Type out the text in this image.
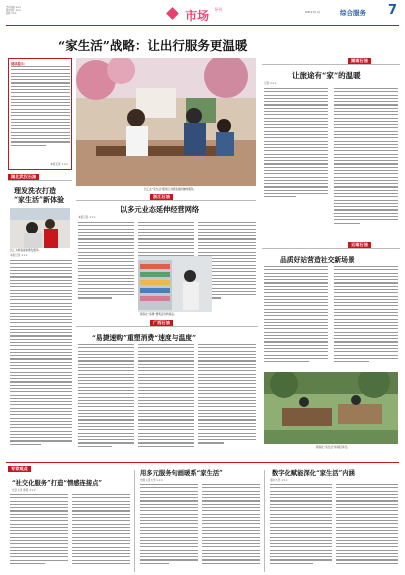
责任编辑 ×××
版式设计 ×××
校对 ×××	$^{市场}$ $^{导刊}$
2023年7月×日	综合服务 7
“家生活”战略：让出行服务更温暖
阅读提示：
本报记者 ×××
员工在“家生活”服务区为顾客提供咖啡服务。
湖南石油
让旅途有“家”的温暖
记者 ×××
云南石油
品质好站营造社交新场景
顾客在“家生活”休闲区休息。
湖北武汉石油
理发洗衣打造
“家生活”新体验
员工为顾客提供理发服务。
本报记者 ×××
浙江石油
以多元业态延伸经营网络
本报记者 ×××
顾客在“易捷”便利店选购商品。
广西石油
“易捷速购”重塑消费“速度与温度”
专家观点
“社交化服务”打造“情感连接点”
北京大学 教授 ×××
用多元服务句画暖系“家生活”
中国人民大学 ×××
数字化赋能深化“家生活”内涵
清华大学 ×××
